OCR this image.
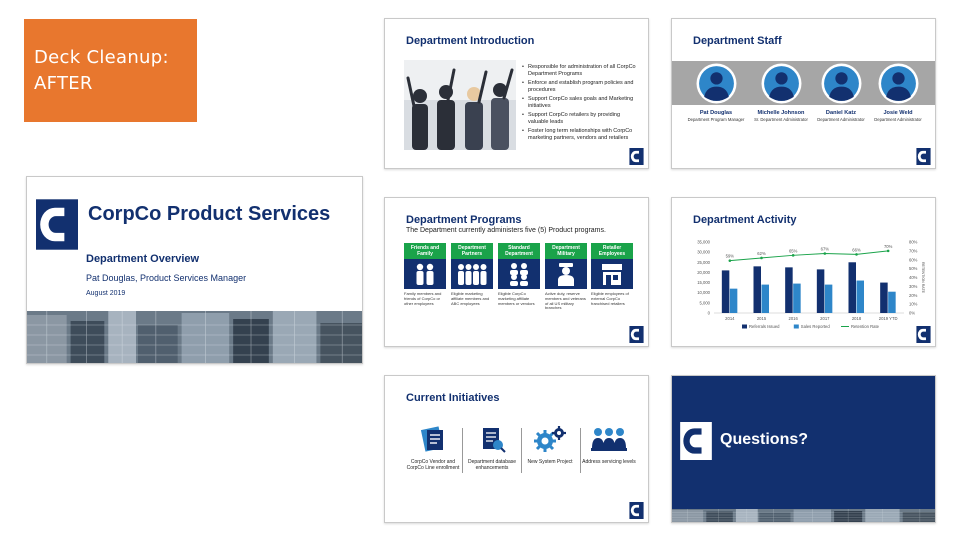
Deck Cleanup:
AFTER
CorpCo Product Services
Department Overview
Pat Douglas, Product Services Manager
August 2019
Department Introduction
• Responsible for administration of all CorpCo Department Programs
• Enforce and establish program policies and procedures
• Support CorpCo sales goals and Marketing initiatives
• Support CorpCo retailers by providing valuable leads
• Foster long term relationships with CorpCo marketing partners, vendors and retailers
Department Staff
Pat Douglas
Department Program Manager
Michelle Johnson
Sr. Department Administrator
Daniel Katz
Department Administrator
Josie Weld
Department Administrator
Department Programs
The Department currently administers five (5) Product programs.
Friends and Family
Family members and friends of CorpCo or other employees
Department Partners
Eligible marketing affiliate members and ABC employees
Standard Department
Eligible CorpCo marketing affiliate members or vendors
Department Military
Active duty, reserve members and veterans of all US military branches
Retailer Employees
Eligible employees of external CorpCo franchised retailers
Department Activity
0
5,000
10,000
15,000
20,000
25,000
30,000
35,000
0%
10%
20%
30%
40%
50%
60%
70%
80%
RETENTION RATE
2014	2015	2016	2017	2018	2019 YTD
59%
62%
65%	67%	66%
70%
Referrals Issued	Sales Reported	Retention Rate
Current Initiatives
CorpCo Vendor and CorpCo Line enrollment
Department database enhancements
New System Project	Address servicing levels
Questions?
